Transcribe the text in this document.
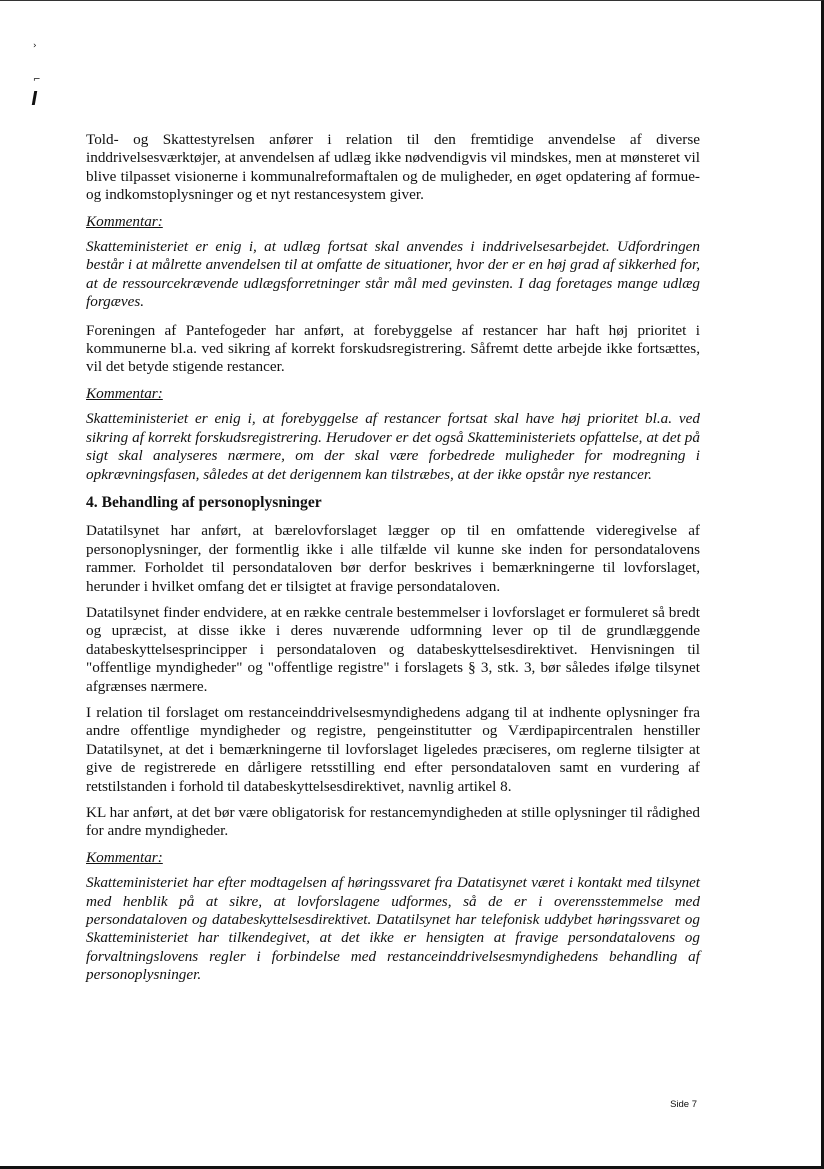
›
⌐

Told- og Skattestyrelsen anfører i relation til den fremtidige anvendelse af diverse inddrivelsesværktøjer, at anvendelsen af udlæg ikke nødvendigvis vil mindskes, men at mønsteret vil blive tilpasset visionerne i kommunalreformaftalen og de muligheder, en øget opdatering af formue- og indkomstoplysninger og et nyt restancesystem giver.

Kommentar:

Skatteministeriet er enig i, at udlæg fortsat skal anvendes i inddrivelsesarbejdet. Udfordringen består i at målrette anvendelsen til at omfatte de situationer, hvor der er en høj grad af sikkerhed for, at de ressourcekrævende udlægsforretninger står mål med gevinsten. I dag foretages mange udlæg forgæves.

Foreningen af Pantefogeder har anført, at forebyggelse af restancer har haft høj prioritet i kommunerne bl.a. ved sikring af korrekt forskudsregistrering. Såfremt dette arbejde ikke fortsættes, vil det betyde stigende restancer.

Kommentar:

Skatteministeriet er enig i, at forebyggelse af restancer fortsat skal have høj prioritet bl.a. ved sikring af korrekt forskudsregistrering. Herudover er det også Skatteministeriets opfattelse, at det på sigt skal analyseres nærmere, om der skal være forbedrede muligheder for modregning i opkrævningsfasen, således at det derigennem kan tilstræbes, at der ikke opstår nye restancer.

4. Behandling af personoplysninger

Datatilsynet har anført, at bærelovforslaget lægger op til en omfattende videregivelse af personoplysninger, der formentlig ikke i alle tilfælde vil kunne ske inden for persondatalovens rammer. Forholdet til persondataloven bør derfor beskrives i bemærkningerne til lovforslaget, herunder i hvilket omfang det er tilsigtet at fravige persondataloven.

Datatilsynet finder endvidere, at en række centrale bestemmelser i lovforslaget er formuleret så bredt og upræcist, at disse ikke i deres nuværende udformning lever op til de grundlæggende databeskyttelsesprincipper i persondataloven og databeskyttelsesdirektivet. Henvisningen til "offentlige myndigheder" og "offentlige registre" i forslagets § 3, stk. 3, bør således ifølge tilsynet afgrænses nærmere.

I relation til forslaget om restanceinddrivelsesmyndighedens adgang til at indhente oplysninger fra andre offentlige myndigheder og registre, pengeinstitutter og Værdipapircentralen henstiller Datatilsynet, at det i bemærkningerne til lovforslaget ligeledes præciseres, om reglerne tilsigter at give de registrerede en dårligere retsstilling end efter persondataloven samt en vurdering af retstilstanden i forhold til databeskyttelsesdirektivet, navnlig artikel 8.

KL har anført, at det bør være obligatorisk for restancemyndigheden at stille oplysninger til rådighed for andre myndigheder.

Kommentar:

Skatteministeriet har efter modtagelsen af høringssvaret fra Datatisynet været i kontakt med tilsynet med henblik på at sikre, at lovforslagene udformes, så de er i overensstemmelse med persondataloven og databeskyttelsesdirektivet. Datatilsynet har telefonisk uddybet høringssvaret og Skatteministeriet har tilkendegivet, at det ikke er hensigten at fravige persondatalovens og forvaltningslovens regler i forbindelse med restanceinddrivelsesmyndighedens behandling af personoplysninger.

Side 7
